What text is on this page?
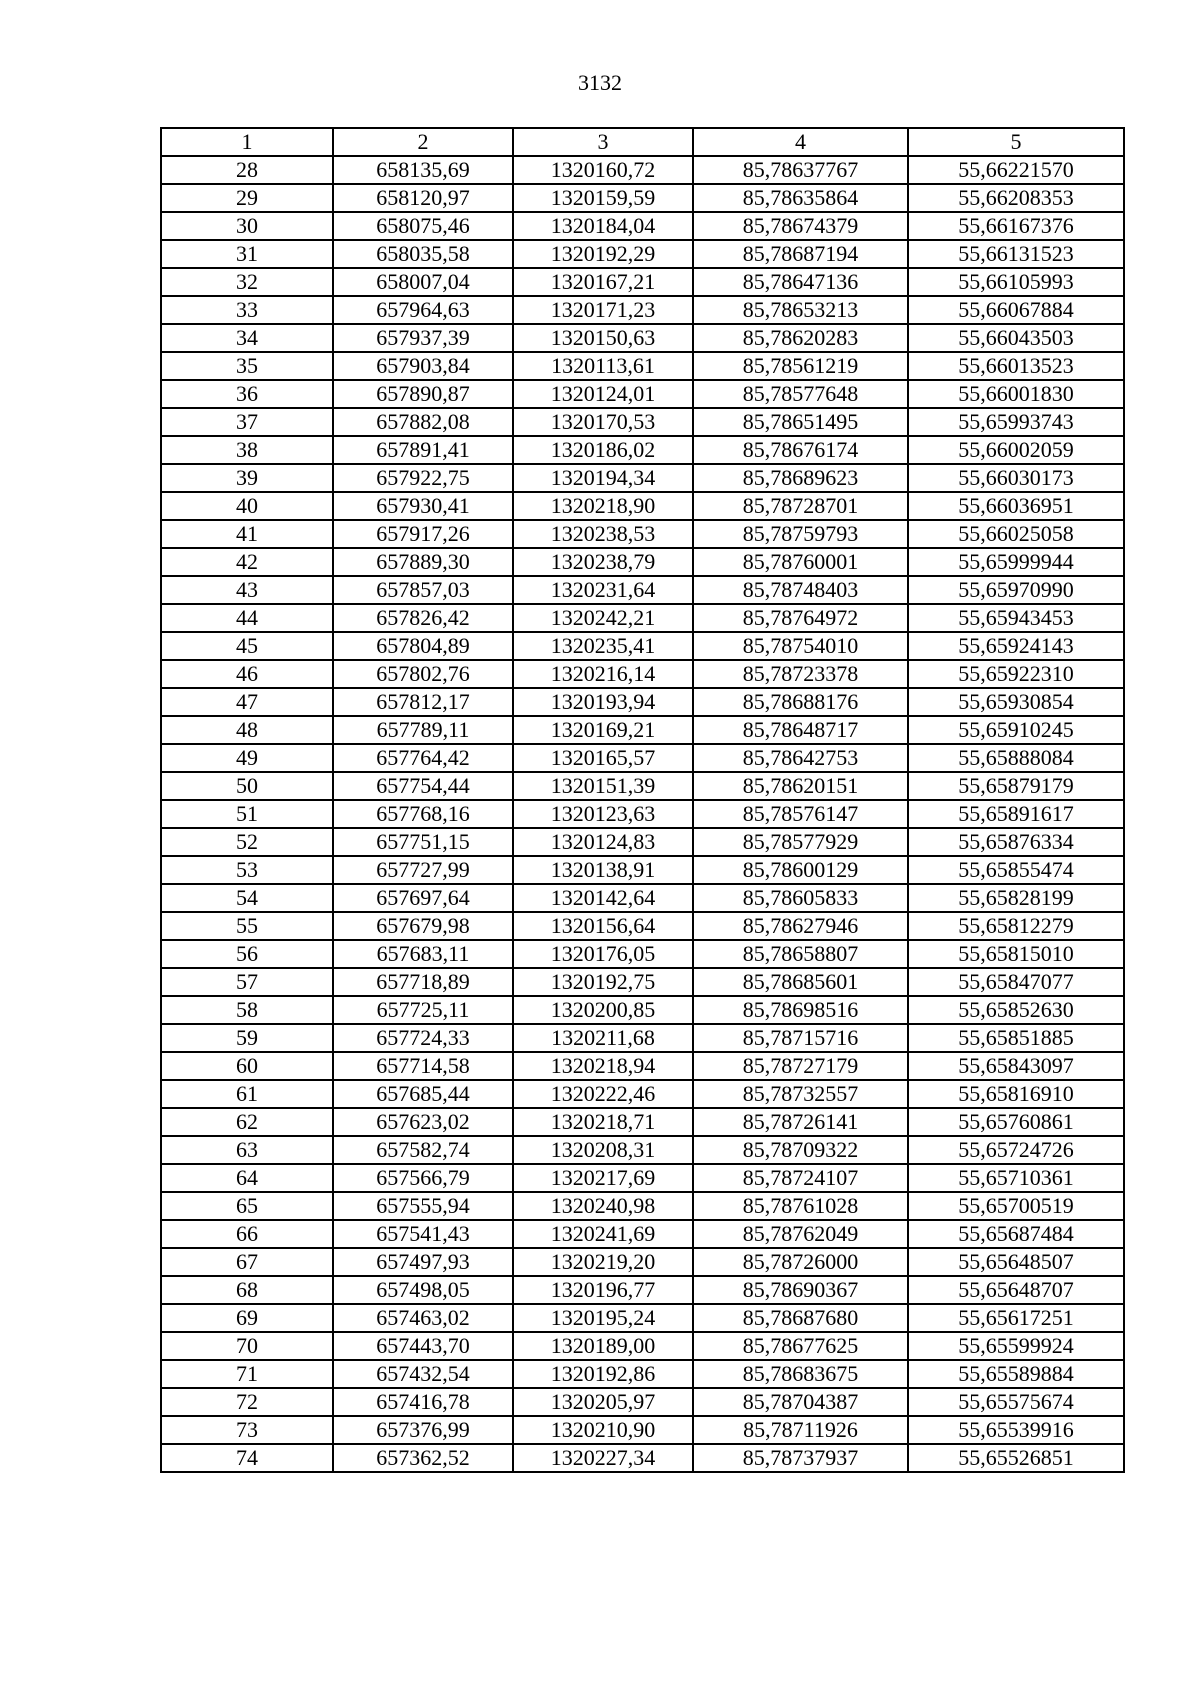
3132
1	2	3	4	5
28	658135,69	1320160,72	85,78637767	55,66221570
29	658120,97	1320159,59	85,78635864	55,66208353
30	658075,46	1320184,04	85,78674379	55,66167376
31	658035,58	1320192,29	85,78687194	55,66131523
32	658007,04	1320167,21	85,78647136	55,66105993
33	657964,63	1320171,23	85,78653213	55,66067884
34	657937,39	1320150,63	85,78620283	55,66043503
35	657903,84	1320113,61	85,78561219	55,66013523
36	657890,87	1320124,01	85,78577648	55,66001830
37	657882,08	1320170,53	85,78651495	55,65993743
38	657891,41	1320186,02	85,78676174	55,66002059
39	657922,75	1320194,34	85,78689623	55,66030173
40	657930,41	1320218,90	85,78728701	55,66036951
41	657917,26	1320238,53	85,78759793	55,66025058
42	657889,30	1320238,79	85,78760001	55,65999944
43	657857,03	1320231,64	85,78748403	55,65970990
44	657826,42	1320242,21	85,78764972	55,65943453
45	657804,89	1320235,41	85,78754010	55,65924143
46	657802,76	1320216,14	85,78723378	55,65922310
47	657812,17	1320193,94	85,78688176	55,65930854
48	657789,11	1320169,21	85,78648717	55,65910245
49	657764,42	1320165,57	85,78642753	55,65888084
50	657754,44	1320151,39	85,78620151	55,65879179
51	657768,16	1320123,63	85,78576147	55,65891617
52	657751,15	1320124,83	85,78577929	55,65876334
53	657727,99	1320138,91	85,78600129	55,65855474
54	657697,64	1320142,64	85,78605833	55,65828199
55	657679,98	1320156,64	85,78627946	55,65812279
56	657683,11	1320176,05	85,78658807	55,65815010
57	657718,89	1320192,75	85,78685601	55,65847077
58	657725,11	1320200,85	85,78698516	55,65852630
59	657724,33	1320211,68	85,78715716	55,65851885
60	657714,58	1320218,94	85,78727179	55,65843097
61	657685,44	1320222,46	85,78732557	55,65816910
62	657623,02	1320218,71	85,78726141	55,65760861
63	657582,74	1320208,31	85,78709322	55,65724726
64	657566,79	1320217,69	85,78724107	55,65710361
65	657555,94	1320240,98	85,78761028	55,65700519
66	657541,43	1320241,69	85,78762049	55,65687484
67	657497,93	1320219,20	85,78726000	55,65648507
68	657498,05	1320196,77	85,78690367	55,65648707
69	657463,02	1320195,24	85,78687680	55,65617251
70	657443,70	1320189,00	85,78677625	55,65599924
71	657432,54	1320192,86	85,78683675	55,65589884
72	657416,78	1320205,97	85,78704387	55,65575674
73	657376,99	1320210,90	85,78711926	55,65539916
74	657362,52	1320227,34	85,78737937	55,65526851
